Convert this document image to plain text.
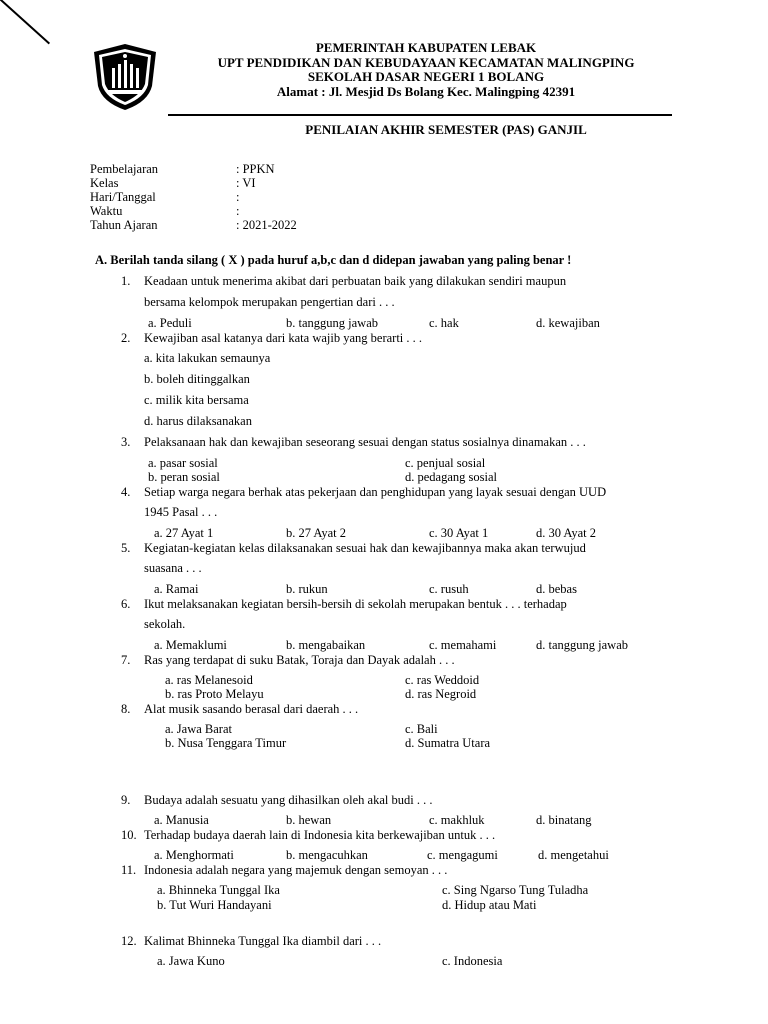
PEMERINTAH KABUPATEN LEBAK
UPT PENDIDIKAN DAN KEBUDAYAAN KECAMATAN MALINGPING
SEKOLAH DASAR NEGERI 1 BOLANG
Alamat : Jl. Mesjid Ds Bolang Kec. Malingping 42391
PENILAIAN AKHIR SEMESTER (PAS) GANJIL
Pembelajaran	: PPKN
Kelas	: VI
Hari/Tanggal	:
Waktu	:
Tahun Ajaran	: 2021-2022
A. Berilah tanda silang ( X ) pada huruf a,b,c dan d didepan jawaban yang paling benar !
1. Keadaan untuk menerima akibat dari perbuatan baik yang dilakukan sendiri maupun
bersama kelompok merupakan pengertian dari . . .
a. Peduli	b. tanggung jawab	c. hak	d. kewajiban
2. Kewajiban asal katanya dari kata wajib yang berarti . . .
a. kita lakukan semaunya
b. boleh ditinggalkan
c. milik kita bersama
d. harus dilaksanakan
3. Pelaksanaan hak dan kewajiban seseorang sesuai dengan status sosialnya dinamakan . . .
a. pasar sosial
b. peran sosial
c. penjual sosial
d. pedagang sosial
4. Setiap warga negara berhak atas pekerjaan dan penghidupan yang layak sesuai dengan UUD
1945 Pasal . . .
a. 27 Ayat 1	b. 27 Ayat 2	c. 30 Ayat 1	d. 30 Ayat 2
5. Kegiatan-kegiatan kelas dilaksanakan sesuai hak dan kewajibannya maka akan terwujud
suasana . . .
a. Ramai	b. rukun	c. rusuh	d. bebas
6. Ikut melaksanakan kegiatan bersih-bersih di sekolah merupakan bentuk . . . terhadap
sekolah.
a. Memaklumi	b. mengabaikan	c. memahami	d. tanggung jawab
7. Ras yang terdapat di suku Batak, Toraja dan Dayak adalah . . .
a. ras Melanesoid
b. ras Proto Melayu
c. ras Weddoid
d. ras Negroid
8. Alat musik sasando berasal dari daerah . . .
a. Jawa Barat
b. Nusa Tenggara Timur
c. Bali
d. Sumatra Utara
9. Budaya adalah sesuatu yang dihasilkan oleh akal budi . . .
a. Manusia	b. hewan	c. makhluk	d. binatang
10. Terhadap budaya daerah lain di Indonesia kita berkewajiban untuk . . .
a. Menghormati	b. mengacuhkan	c. mengagumi	d. mengetahui
11. Indonesia adalah negara yang majemuk dengan semoyan . . .
a. Bhinneka Tunggal Ika
b. Tut Wuri Handayani
c. Sing Ngarso Tung Tuladha
d. Hidup atau Mati
12. Kalimat Bhinneka Tunggal Ika diambil dari . . .
a. Jawa Kuno	c. Indonesia
